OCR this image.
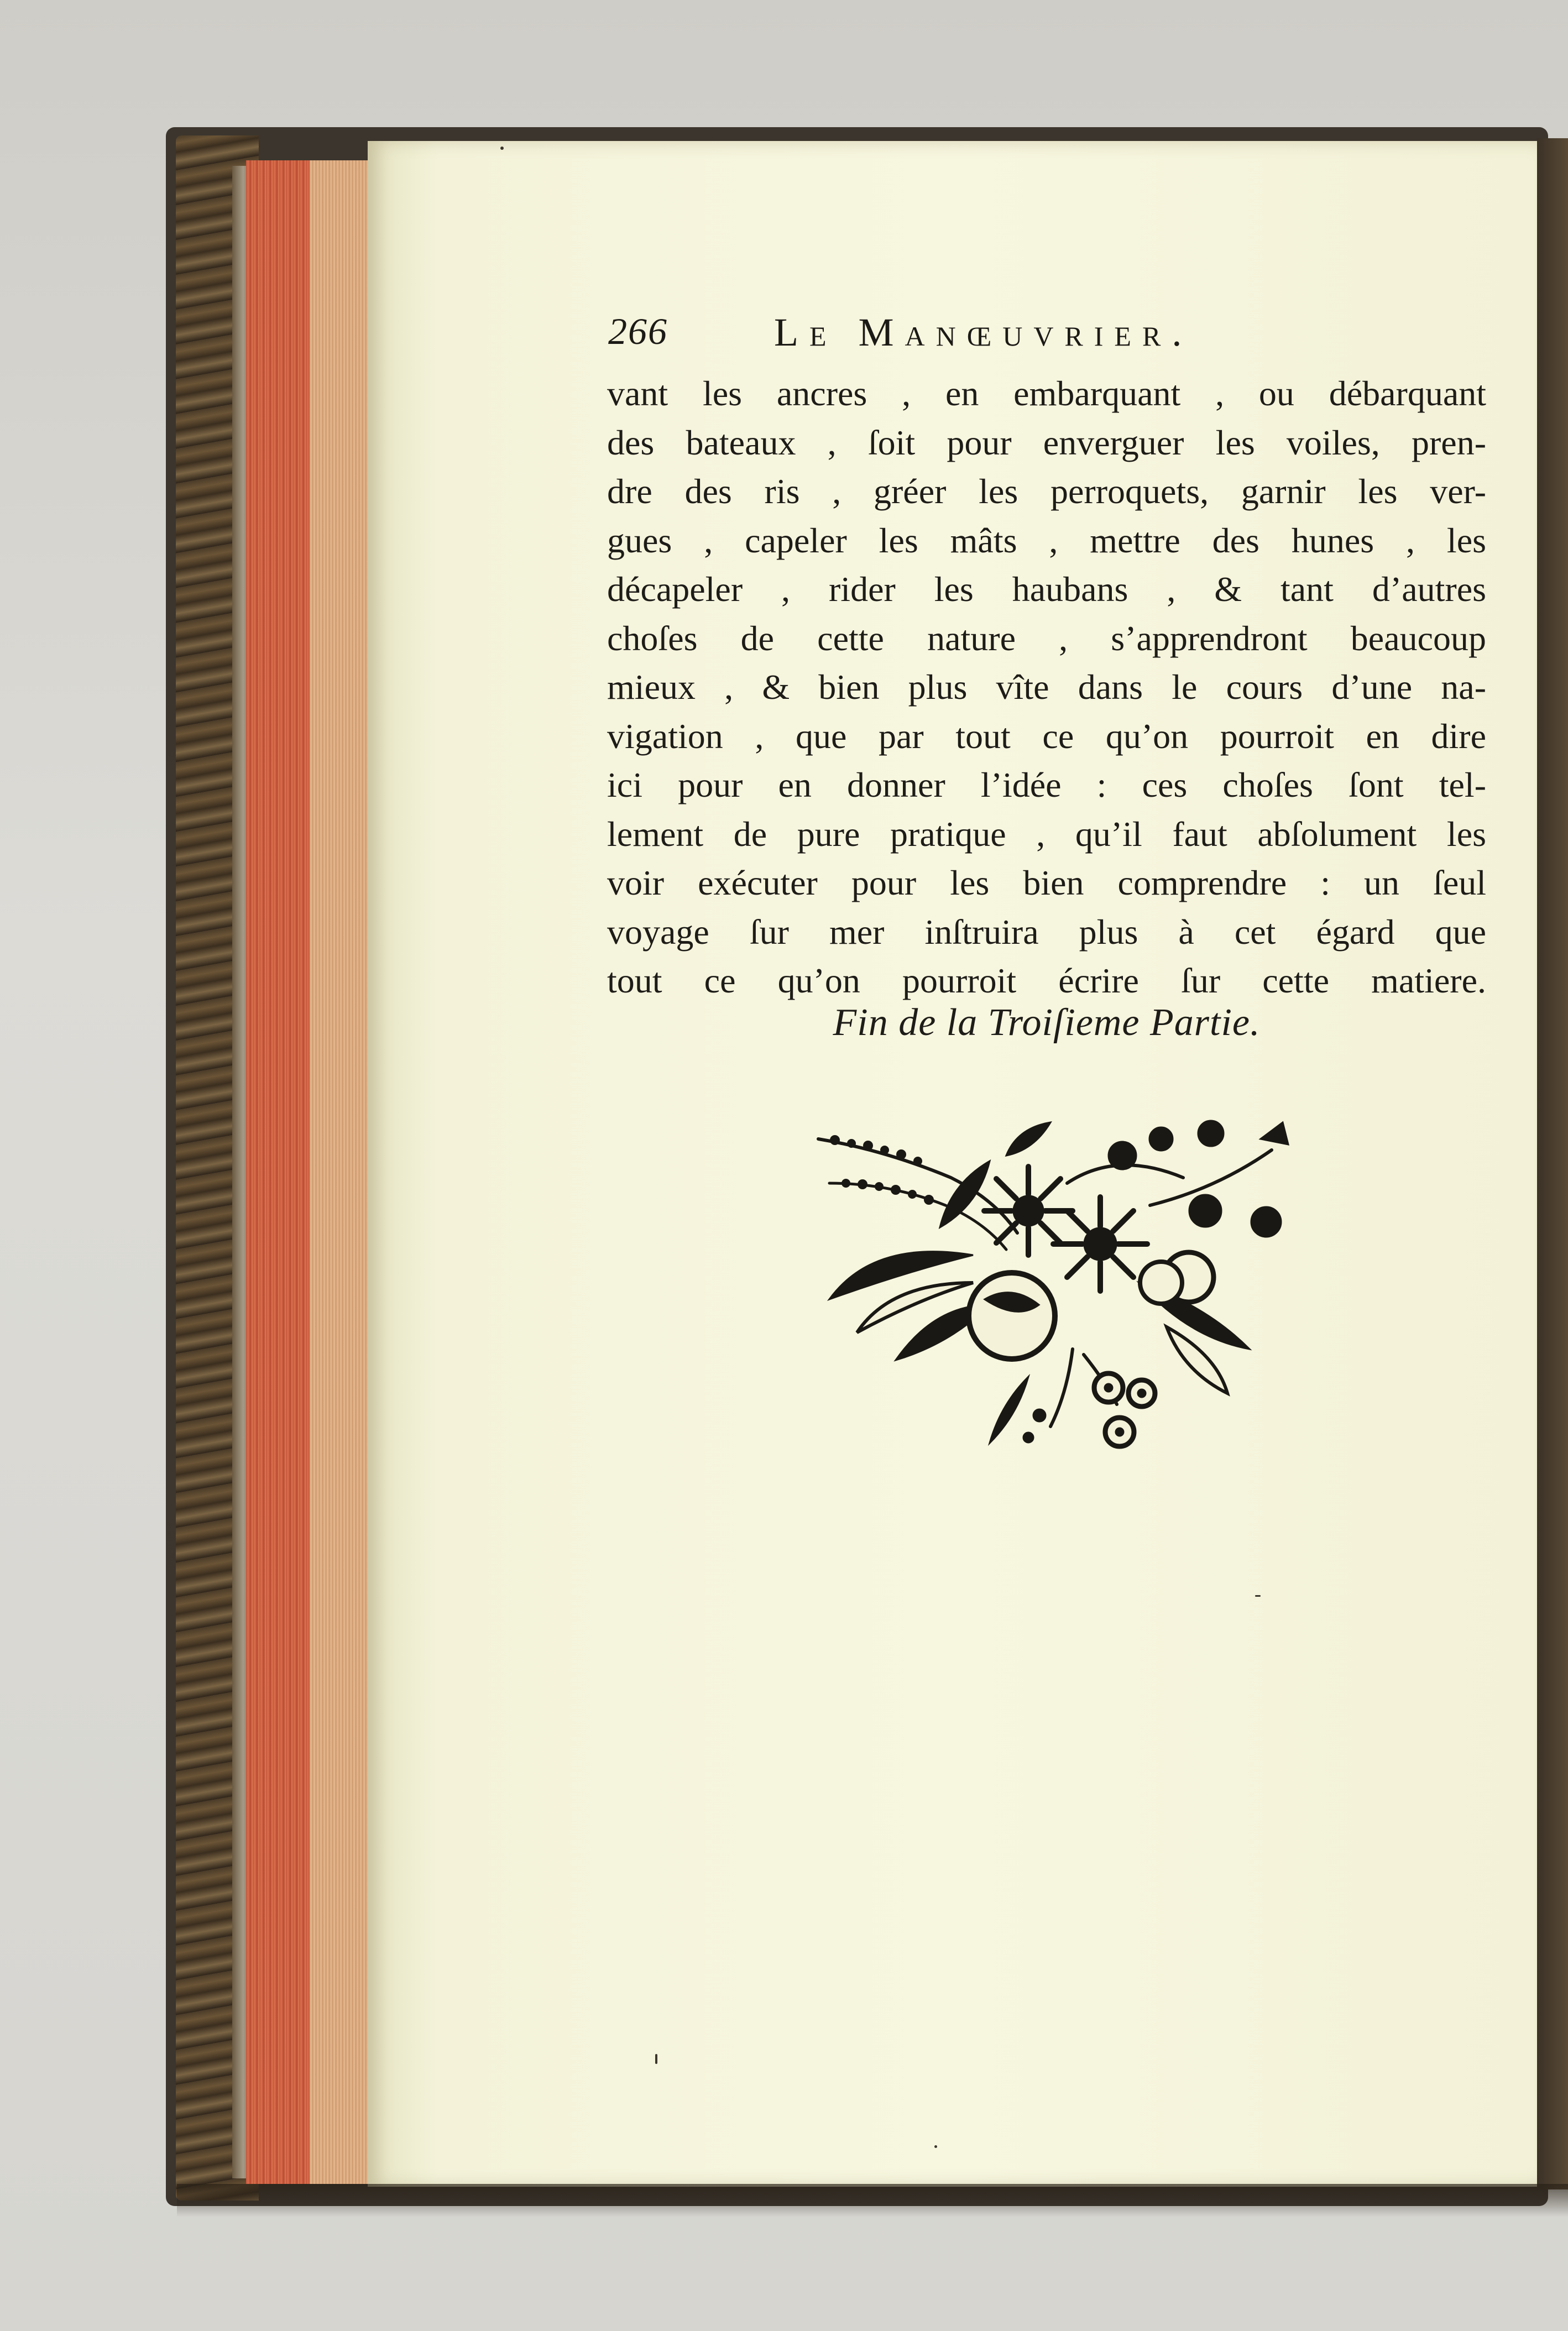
266	Le Manœuvrier.
vant les ancres , en embarquant , ou débarquant
des bateaux , ſoit pour enverguer les voiles, pren-
dre des ris , gréer les perroquets, garnir les ver-
gues , capeler les mâts , mettre des hunes , les
décapeler , rider les haubans , & tant d’autres
choſes de cette nature , s’apprendront beaucoup
mieux , & bien plus vîte dans le cours d’une na-
vigation , que par tout ce qu’on pourroit en dire
ici pour en donner l’idée : ces choſes ſont tel-
lement de pure pratique , qu’il faut abſolument les
voir exécuter pour les bien comprendre : un ſeul
voyage ſur mer inſtruira plus à cet égard que
tout ce qu’on pourroit écrire ſur cette matiere.
Fin de la Troiſieme Partie.
